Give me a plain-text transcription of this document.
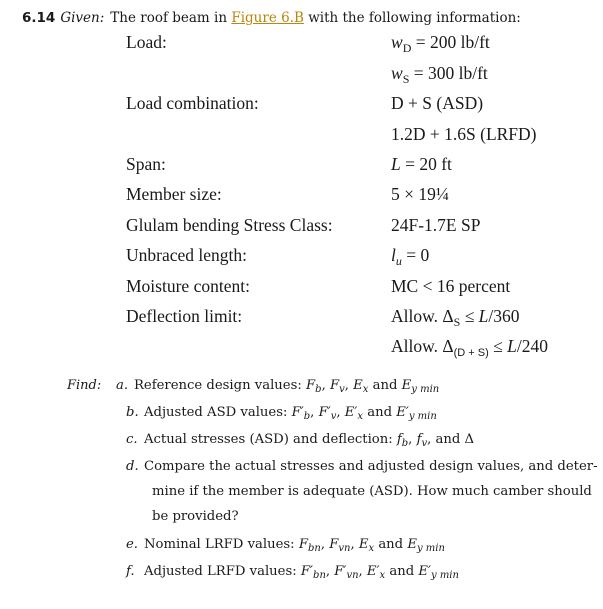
6.14 Given: The roof beam in Figure 6.B with the following information:
Load:	$w_D = 200$ lb/ft
$w_S = 300$ lb/ft
Load combination:	D + S (ASD)
1.2D + 1.6S (LRFD)
Span:	L = 20 ft
Member size:	5 × 19¼
Glulam bending Stress Class:	24F-1.7E SP
Unbraced length:	$l_u = 0$
Moisture content:	MC < 16 percent
Deflection limit:	Allow. $\Delta_S \le L/360$
Allow. $\Delta_{(D + S)} \le L/240$
Find: a. Reference design values: $F_b$, $F_v$, $E_x$ and $E_{y min}$
b. Adjusted ASD values: $F'_b$, $F'_v$, $E'_x$ and $E'_{y min}$
c. Actual stresses (ASD) and deflection: $f_b$, $f_v$, and Δ
d. Compare the actual stresses and adjusted design values, and deter-
mine if the member is adequate (ASD). How much camber should
be provided?
e. Nominal LRFD values: $F_{bn}$, $F_{vn}$, $E_x$ and $E_{y min}$
f. Adjusted LRFD values: $F'_{bn}$, $F'_{vn}$, $E'_x$ and $E'_{y min}$
